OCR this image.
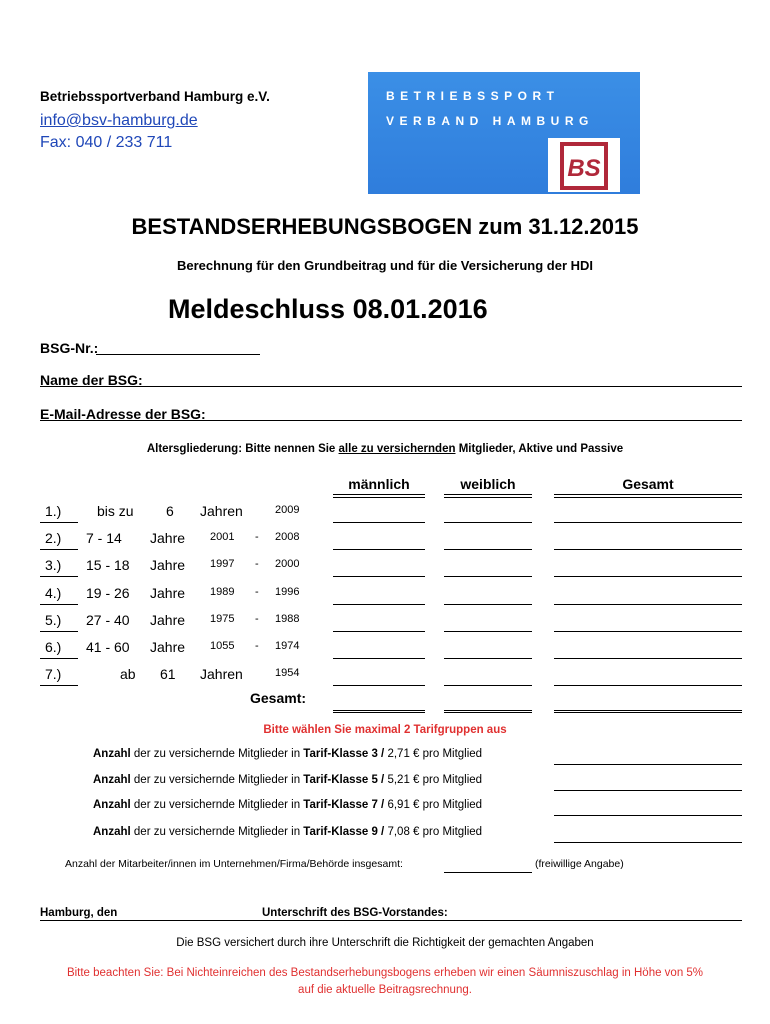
Betriebssportverband Hamburg e.V.
info@bsv-hamburg.de
Fax: 040 / 233 711
BETRIEBSSPORT
VERBAND HAMBURG
BS
BESTANDSERHEBUNGSBOGEN zum 31.12.2015
Berechnung für den Grundbeitrag und für die Versicherung der HDI
Meldeschluss 08.01.2016
BSG-Nr.:
Name der BSG:
E-Mail-Adresse der BSG:
Altersgliederung: Bitte nennen Sie alle zu versichernden Mitglieder, Aktive und Passive
männlich	weiblich	Gesamt
1.)	bis zu 6 Jahren	2009
2.) 7 - 14 Jahre 2001 - 2008
3.) 15 - 18 Jahre 1997 - 2000
4.) 19 - 26 Jahre 1989 - 1996
5.) 27 - 40 Jahre 1975 - 1988
6.) 41 - 60 Jahre 1055 - 1974
7.)	ab 61 Jahren	1954
Gesamt:
Bitte wählen Sie maximal 2 Tarifgruppen aus
Anzahl der zu versichernde Mitglieder in Tarif-Klasse 3 / 2,71 € pro Mitglied
Anzahl der zu versichernde Mitglieder in Tarif-Klasse 5 / 5,21 € pro Mitglied
Anzahl der zu versichernde Mitglieder in Tarif-Klasse 7 / 6,91 € pro Mitglied
Anzahl der zu versichernde Mitglieder in Tarif-Klasse 9 / 7,08 € pro Mitglied
Anzahl der Mitarbeiter/innen im Unternehmen/Firma/Behörde insgesamt:	(freiwillige Angabe)
Hamburg, den	Unterschrift des BSG-Vorstandes:
Die BSG versichert durch ihre Unterschrift die Richtigkeit der gemachten Angaben
Bitte beachten Sie: Bei Nichteinreichen des Bestandserhebungsbogens erheben wir einen Säumniszuschlag in Höhe von 5% auf die aktuelle Beitragsrechnung.
